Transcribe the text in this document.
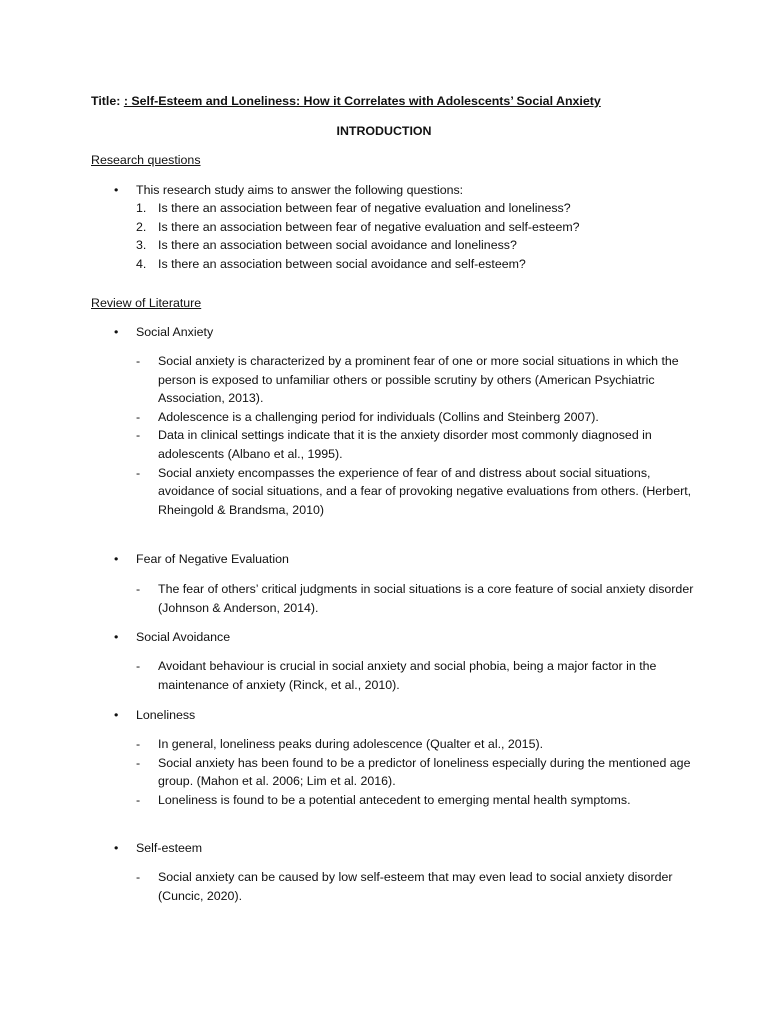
Title: : Self-Esteem and Loneliness: How it Correlates with Adolescents’ Social Anxiety
INTRODUCTION
Research questions
• This research study aims to answer the following questions:
1. Is there an association between fear of negative evaluation and loneliness?
2. Is there an association between fear of negative evaluation and self-esteem?
3. Is there an association between social avoidance and loneliness?
4. Is there an association between social avoidance and self-esteem?
Review of Literature
• Social Anxiety
-	Social anxiety is characterized by a prominent fear of one or more social situations in which the person is exposed to unfamiliar others or possible scrutiny by others (American Psychiatric Association, 2013).
-	Adolescence is a challenging period for individuals (Collins and Steinberg 2007).
-	Data in clinical settings indicate that it is the anxiety disorder most commonly diagnosed in adolescents (Albano et al., 1995).
-	Social anxiety encompasses the experience of fear of and distress about social situations, avoidance of social situations, and a fear of provoking negative evaluations from others. (Herbert, Rheingold & Brandsma, 2010)
• Fear of Negative Evaluation
-	The fear of others’ critical judgments in social situations is a core feature of social anxiety disorder (Johnson & Anderson, 2014).
• Social Avoidance
-	Avoidant behaviour is crucial in social anxiety and social phobia, being a major factor in the maintenance of anxiety (Rinck, et al., 2010).
• Loneliness
-	In general, loneliness peaks during adolescence (Qualter et al., 2015).
-	Social anxiety has been found to be a predictor of loneliness especially during the mentioned age group. (Mahon et al. 2006; Lim et al. 2016).
-	Loneliness is found to be a potential antecedent to emerging mental health symptoms.
• Self-esteem
-	Social anxiety can be caused by low self-esteem that may even lead to social anxiety disorder (Cuncic, 2020).
